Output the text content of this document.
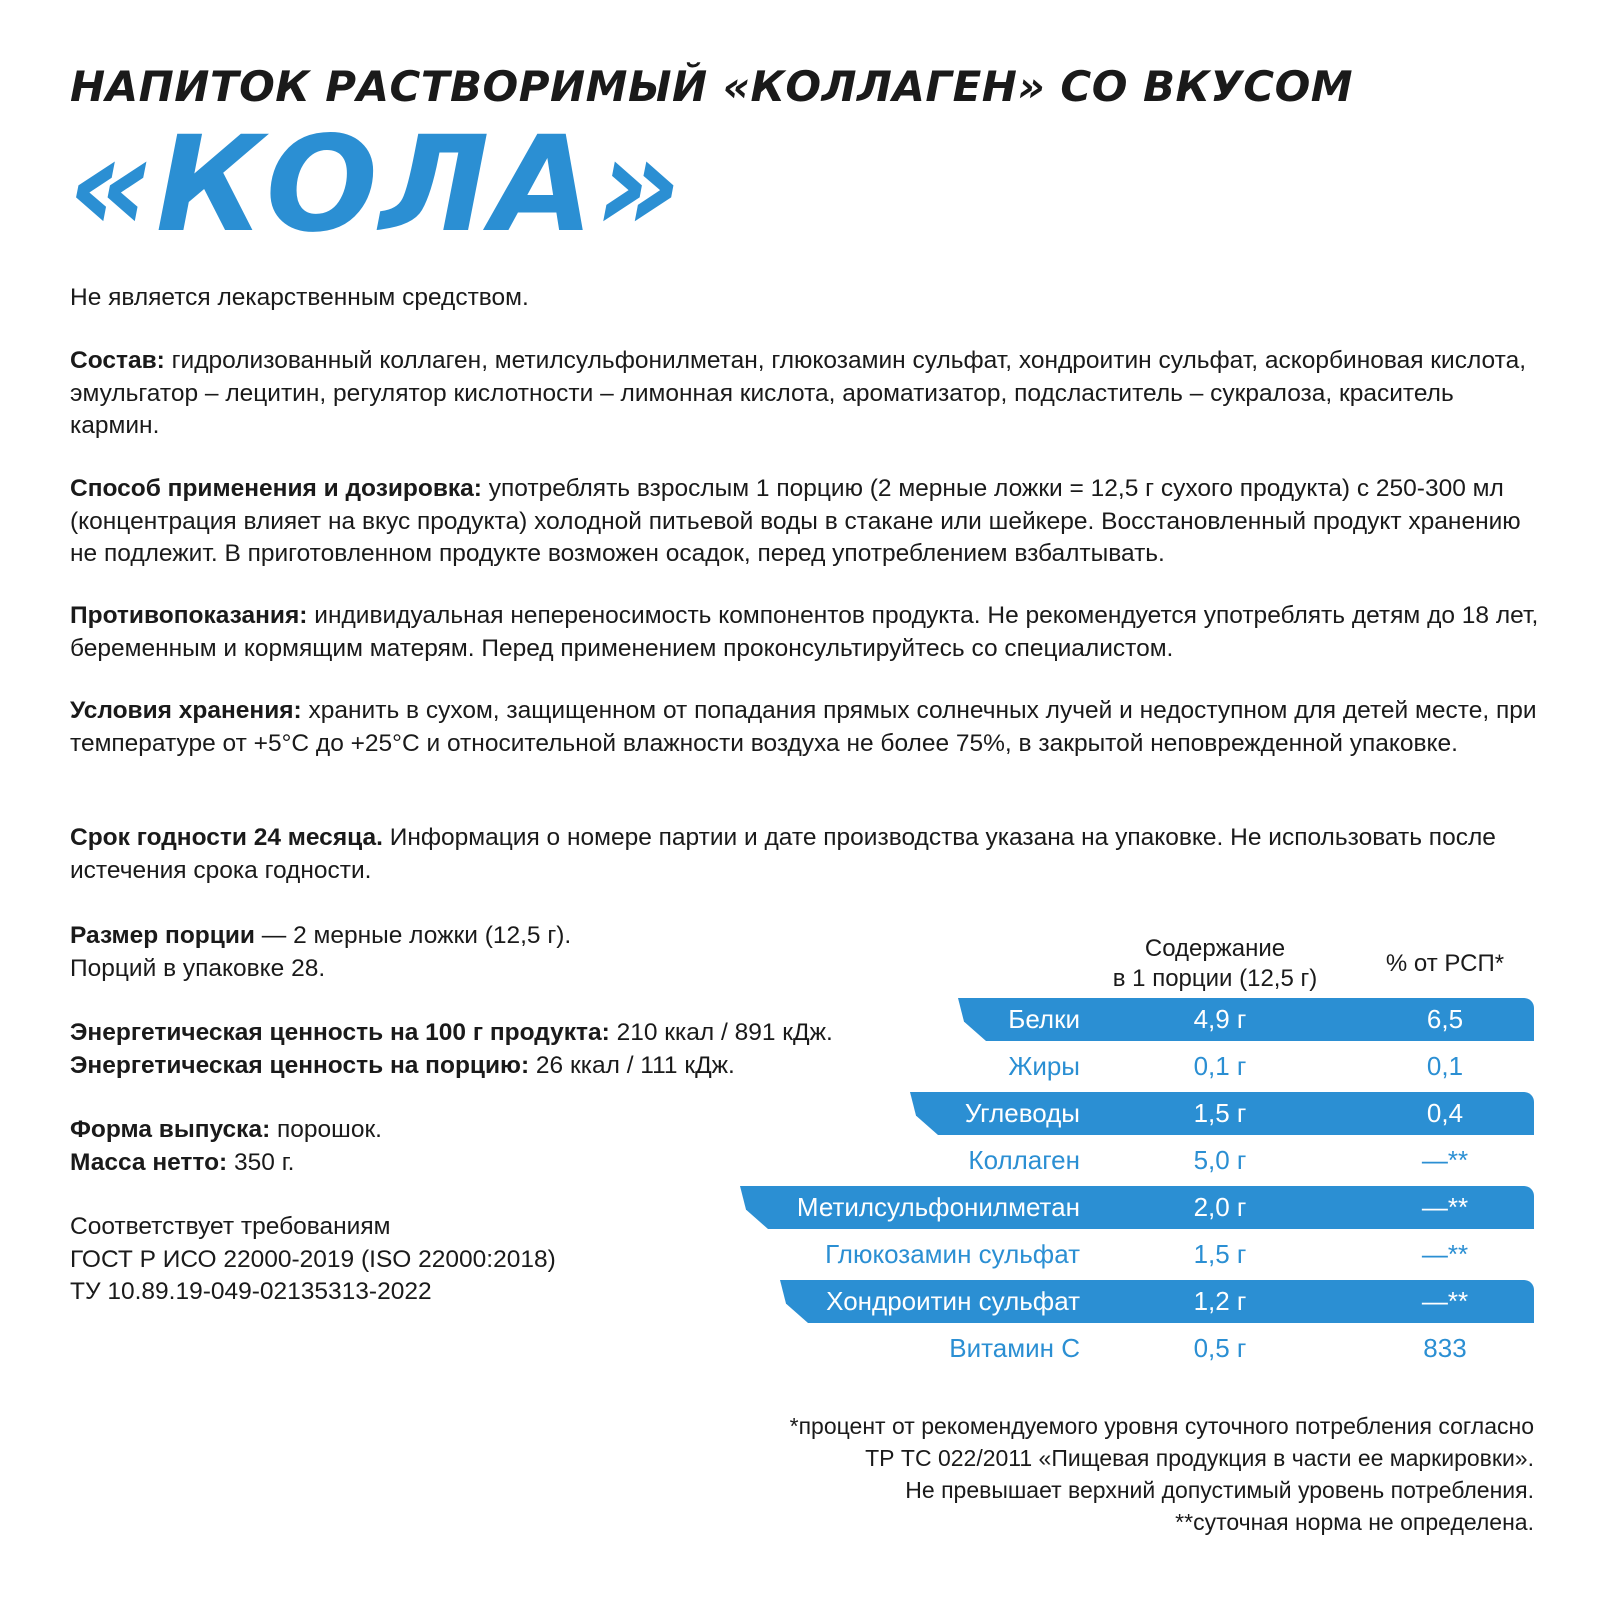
НАПИТОК РАСТВОРИМЫЙ «КОЛЛАГЕН» СО ВКУСОМ
«КОЛА»

Не является лекарственным средством.

Состав: гидролизованный коллаген, метилсульфонилметан, глюкозамин сульфат, хондроитин сульфат, аскорбиновая кислота, эмульгатор – лецитин, регулятор кислотности – лимонная кислота, ароматизатор, подсластитель – сукралоза, краситель кармин.

Способ применения и дозировка: употреблять взрослым 1 порцию (2 мерные ложки = 12,5 г сухого продукта) с 250-300 мл (концентрация влияет на вкус продукта) холодной питьевой воды в стакане или шейкере. Восстановленный продукт хранению не подлежит. В приготовленном продукте возможен осадок, перед употреблением взбалтывать.

Противопоказания: индивидуальная непереносимость компонентов продукта. Не рекомендуется употреблять детям до 18 лет, беременным и кормящим матерям. Перед применением проконсультируйтесь со специалистом.

Условия хранения: хранить в сухом, защищенном от попадания прямых солнечных лучей и недоступном для детей месте, при температуре от +5°C до +25°C и относительной влажности воздуха не более 75%, в закрытой неповрежденной упаковке.

Срок годности 24 месяца. Информация о номере партии и дате производства указана на упаковке. Не использовать после истечения срока годности.

Размер порции — 2 мерные ложки (12,5 г).

Порций в упаковке 28.

Энергетическая ценность на 100 г продукта: 210 ккал / 891 кДж.

Энергетическая ценность на порцию: 26 ккал / 111 кДж.

Форма выпуска: порошок.

Масса нетто: 350 г.

Соответствует требованиям

ГОСТ Р ИСО 22000-2019 (ISO 22000:2018)

ТУ 10.89.19-049-02135313-2022

Содержание
в 1 порции (12,5 г)
% от РСП*
Белки	4,9 г	6,5
Жиры	0,1 г	0,1
Углеводы	1,5 г	0,4
Коллаген	5,0 г	—**
Метилсульфонилметан	2,0 г	—**
Глюкозамин сульфат	1,5 г	—**
Хондроитин сульфат	1,2 г	—**
Витамин С	0,5 г	833
*процент от рекомендуемого уровня суточного потребления согласно
ТР ТС 022/2011 «Пищевая продукция в части ее маркировки».
Не превышает верхний допустимый уровень потребления.
**суточная норма не определена.
